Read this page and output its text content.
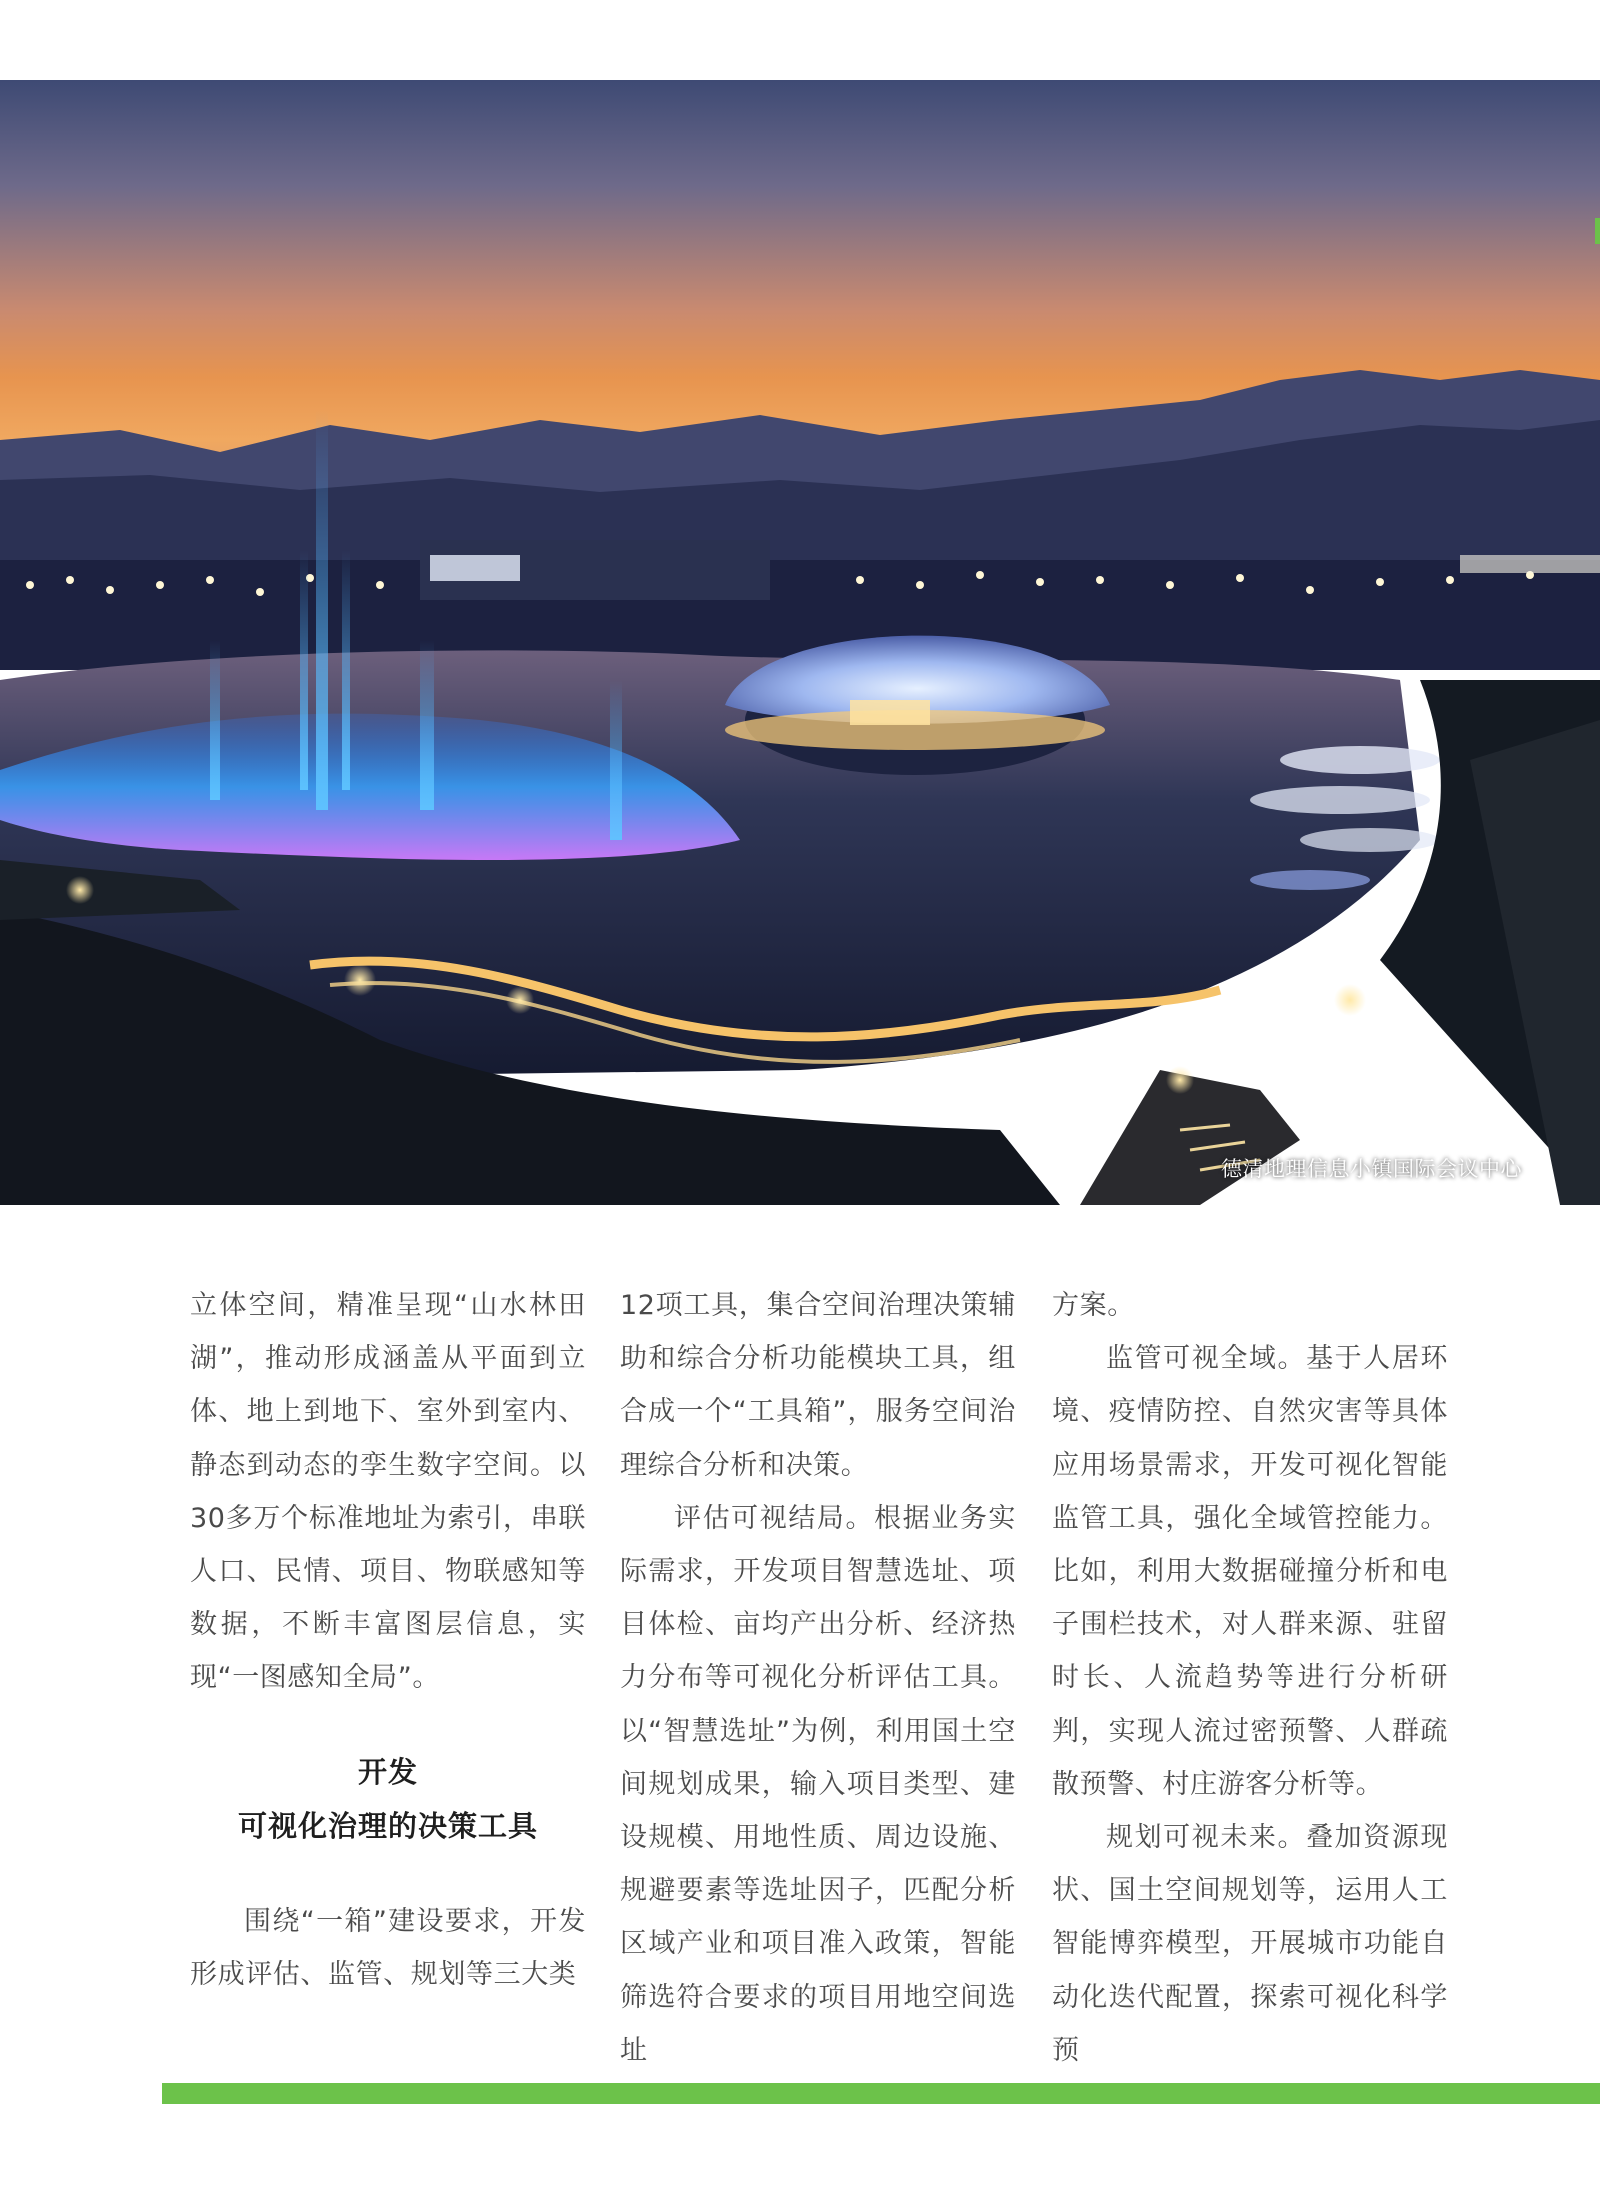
德清地理信息小镇国际会议中心

立体空间，精准呈现“山水林田湖”，推动形成涵盖从平面到立体、地上到地下、室外到室内、静态到动态的孪生数字空间。以30多万个标准地址为索引，串联人口、民情、项目、物联感知等数据，不断丰富图层信息，实现“一图感知全局”。

开发
可视化治理的决策工具

围绕“一箱”建设要求，开发形成评估、监管、规划等三大类

12项工具，集合空间治理决策辅助和综合分析功能模块工具，组合成一个“工具箱”，服务空间治理综合分析和决策。

评估可视结局。根据业务实际需求，开发项目智慧选址、项目体检、亩均产出分析、经济热力分布等可视化分析评估工具。以“智慧选址”为例，利用国土空间规划成果，输入项目类型、建设规模、用地性质、周边设施、规避要素等选址因子，匹配分析区域产业和项目准入政策，智能筛选符合要求的项目用地空间选址

方案。

监管可视全域。基于人居环境、疫情防控、自然灾害等具体应用场景需求，开发可视化智能监管工具，强化全域管控能力。比如，利用大数据碰撞分析和电子围栏技术，对人群来源、驻留时长、人流趋势等进行分析研判，实现人流过密预警、人群疏散预警、村庄游客分析等。

规划可视未来。叠加资源现状、国土空间规划等，运用人工智能博弈模型，开展城市功能自动化迭代配置，探索可视化科学预
